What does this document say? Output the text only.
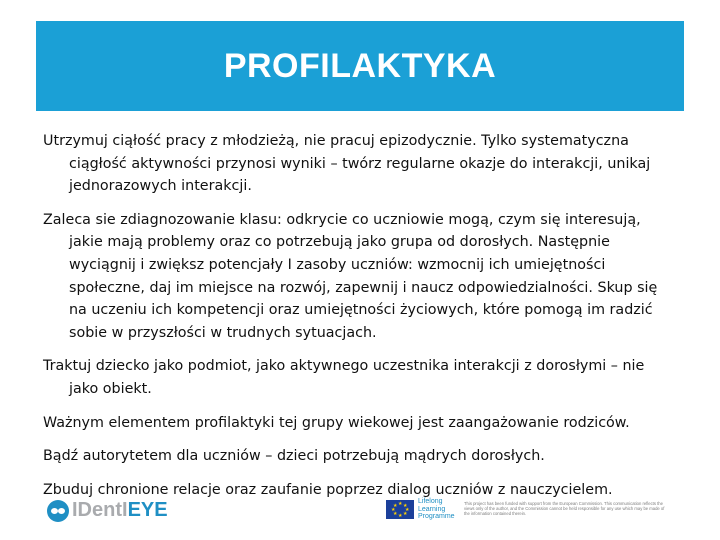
PROFILAKTYKA

Utrzymuj ciąłość pracy z młodzieżą, nie pracuj epizodycznie. Tylko systematyczna ciągłość aktywności przynosi wyniki – twórz regularne okazje do interakcji, unikaj jednorazowych interakcji.

Zaleca sie zdiagnozowanie klasu: odkrycie co uczniowie mogą, czym się interesują, jakie mają problemy oraz co potrzebują jako grupa od dorosłych. Następnie wyciągnij i zwiększ potencjały I zasoby uczniów: wzmocnij ich umiejętności społeczne, daj im miejsce na rozwój, zapewnij i naucz odpowiedzialności. Skup się na uczeniu ich kompetencji oraz umiejętności życiowych, które pomogą im radzić sobie w przyszłości w trudnych sytuacjach.

Traktuj dziecko jako podmiot, jako aktywnego uczestnika interakcji z dorosłymi – nie jako obiekt.

Ważnym elementem profilaktyki tej grupy wiekowej jest zaangażowanie rodziców.

Bądź autorytetem dla uczniów – dzieci potrzebują mądrych dorosłych.

Zbuduj chronione relacje oraz zaufanie poprzez dialog uczniów z nauczycielem.

IDentIEYE	★ ★
★
★
★
★
★
★
Lifelong Learning Programme
This project has been funded with support from the European Commission. This communication reflects the views only of the author, and the Commission cannot be held responsible for any use which may be made of the information contained therein.
